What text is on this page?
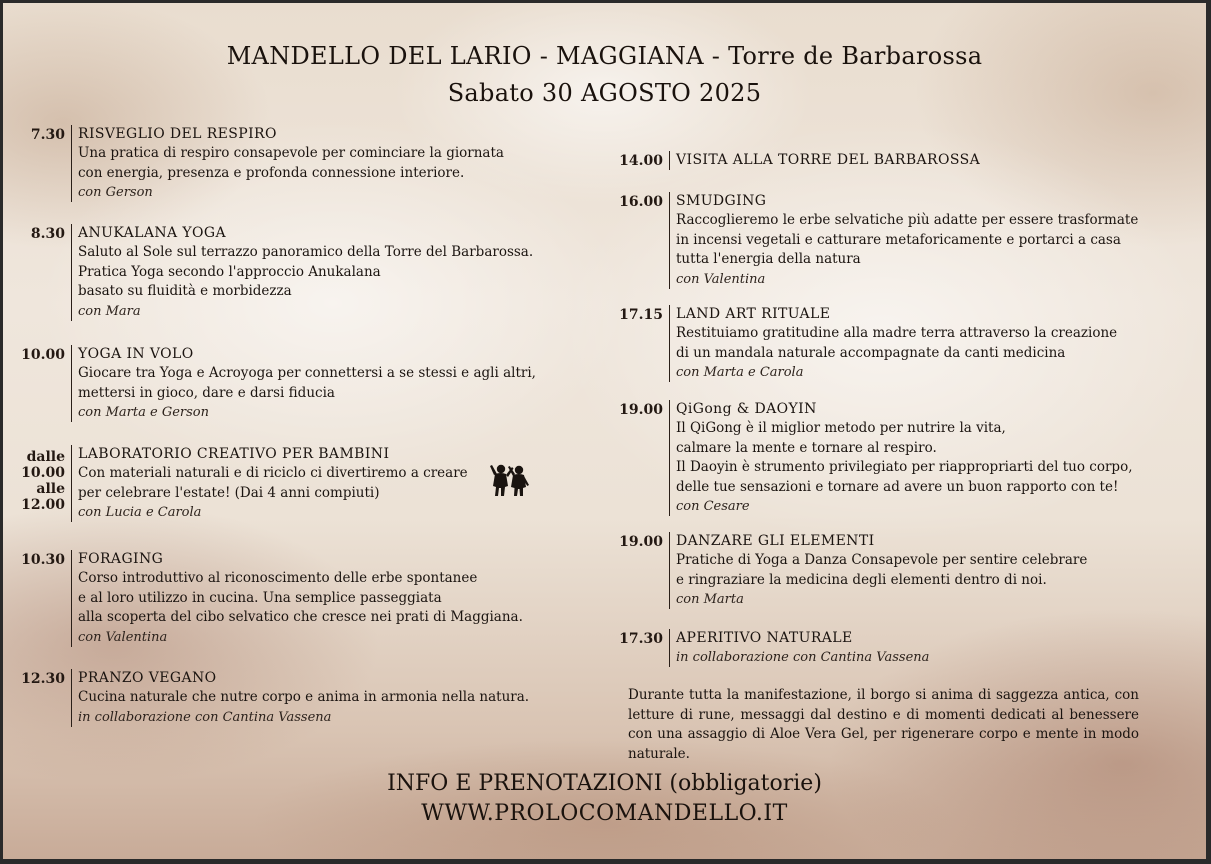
MANDELLO DEL LARIO - MAGGIANA - Torre de Barbarossa
Sabato 30 AGOSTO 2025
7.30 RISVEGLIO DEL RESPIRO
Una pratica di respiro consapevole per cominciare la giornata
con energia, presenza e profonda connessione interiore.
con Gerson
8.30 ANUKALANA YOGA
Saluto al Sole sul terrazzo panoramico della Torre del Barbarossa.
Pratica Yoga secondo l'approccio Anukalana
basato su fluidità e morbidezza
con Mara
10.00 YOGA IN VOLO
Giocare tra Yoga e Acroyoga per connettersi a se stessi e agli altri,
mettersi in gioco, dare e darsi fiducia
con Marta e Gerson
dalle
10.00
alle
12.00
LABORATORIO CREATIVO PER BAMBINI
Con materiali naturali e di riciclo ci divertiremo a creare
per celebrare l'estate! (Dai 4 anni compiuti)
con Lucia e Carola
10.30 FORAGING
Corso introduttivo al riconoscimento delle erbe spontanee
e al loro utilizzo in cucina. Una semplice passeggiata
alla scoperta del cibo selvatico che cresce nei prati di Maggiana.
con Valentina
12.30 PRANZO VEGANO
Cucina naturale che nutre corpo e anima in armonia nella natura.
in collaborazione con Cantina Vassena
14.00 VISITA ALLA TORRE DEL BARBAROSSA
16.00 SMUDGING
Raccoglieremo le erbe selvatiche più adatte per essere trasformate
in incensi vegetali e catturare metaforicamente e portarci a casa
tutta l'energia della natura
con Valentina
17.15 LAND ART RITUALE
Restituiamo gratitudine alla madre terra attraverso la creazione
di un mandala naturale accompagnate da canti medicina
con Marta e Carola
19.00 QiGong & DAOYIN
Il QiGong è il miglior metodo per nutrire la vita,
calmare la mente e tornare al respiro.
Il Daoyin è strumento privilegiato per riappropriarti del tuo corpo,
delle tue sensazioni e tornare ad avere un buon rapporto con te!
con Cesare
19.00 DANZARE GLI ELEMENTI
Pratiche di Yoga a Danza Consapevole per sentire celebrare
e ringraziare la medicina degli elementi dentro di noi.
con Marta
17.30 APERITIVO NATURALE
in collaborazione con Cantina Vassena
Durante tutta la manifestazione, il borgo si anima di saggezza antica, con letture di rune, messaggi dal destino e di momenti dedicati al benessere con una assaggio di Aloe Vera Gel, per rigenerare corpo e mente in modo naturale.
INFO E PRENOTAZIONI (obbligatorie)
WWW.PROLOCOMANDELLO.IT
